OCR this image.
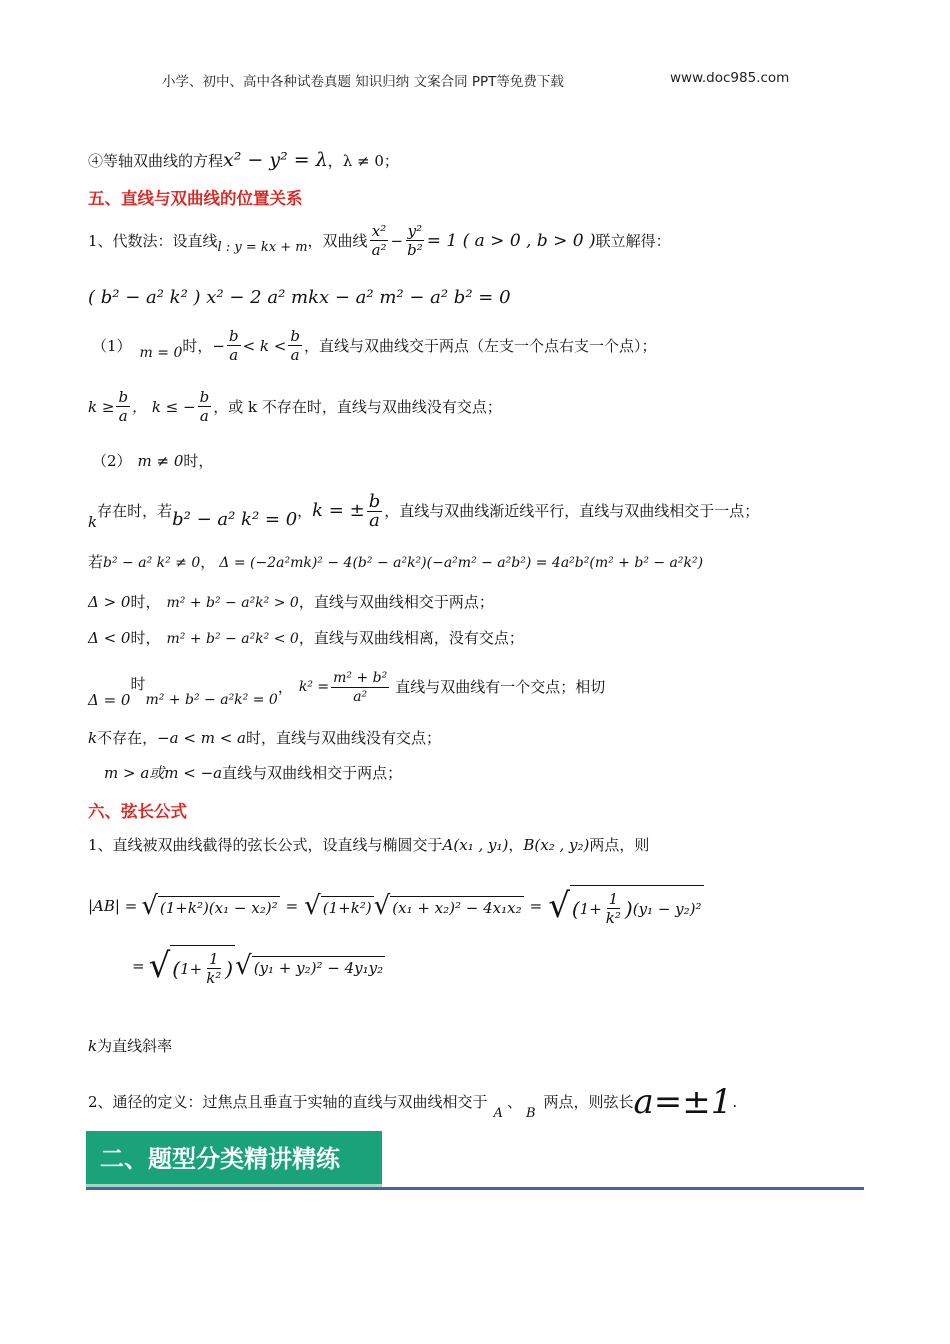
小学、初中、高中各种试卷真题 知识归纳 文案合同 PPT等免费下载	www.doc985.com
④等轴双曲线的方程x² − y² = λ，λ ≠ 0；
五、直线与双曲线的位置关系
1、代数法：设直线 l : y = kx + m ，双曲线 $\frac{\text{x²}}{\text{a²}} - \frac{\text{y²}}{\text{b²}} = 1$ ( a > 0 , b > 0 ) 联立解得：
( b² − a² k² ) x² − 2 a² mkx − a² m² − a² b² = 0
（1） m = 0 时， − $\frac{b}{a} < k < \frac{b}{a}$ ，直线与双曲线交于两点（左支一个点右支一个点）；
$k \ge \frac{b}{a}$ ， k ≤ − $\frac{b}{a}$ ，或 k 不存在时，直线与双曲线没有交点；
（2） m ≠ 0时，
k
存在时，若 b² − a² k² = 0 ， k = ± $\frac{b}{a}$ ，直线与双曲线渐近线平行，直线与双曲线相交于一点；
若b² − a² k² ≠ 0， Δ = (−2a²mk)² − 4(b² − a²k²)(−a²m² − a²b²) = 4a²b²(m² + b² − a²k²)
Δ > 0时， m² + b² − a²k² > 0，直线与双曲线相交于两点；
Δ < 0时， m² + b² − a²k² < 0，直线与双曲线相离，没有交点；
Δ = 0
时
m² + b² − a²k² = 0
， $k^2 = \frac{\text{m² + b²}}{\text{a²}}$ 直线与双曲线有一个交点；相切
k不存在，−a < m < a时，直线与双曲线没有交点；
m > a或m < −a直线与双曲线相交于两点；
六、弦长公式
1、直线被双曲线截得的弦长公式，设直线与椭圆交于A(x₁ , y₁)，B(x₂ , y₂)两点，则
|AB| = √ (1+k²)(x₁ − x₂)² = √ (1+k²) √ (x₁ + x₂)² − 4x₁x₂ = √ ( $1+ \frac{1}{\text{k²}}$ ) (y₁ − y₂)²
= √ ( $1+ \frac{1}{\text{k²}}$ ) √ (y₁ + y₂)² − 4y₁y₂
k为直线斜率
2、通径的定义：过焦点且垂直于实轴的直线与双曲线相交于
A
、
B
两点，则弦长 a=±1 .
二、题型分类精讲精练
